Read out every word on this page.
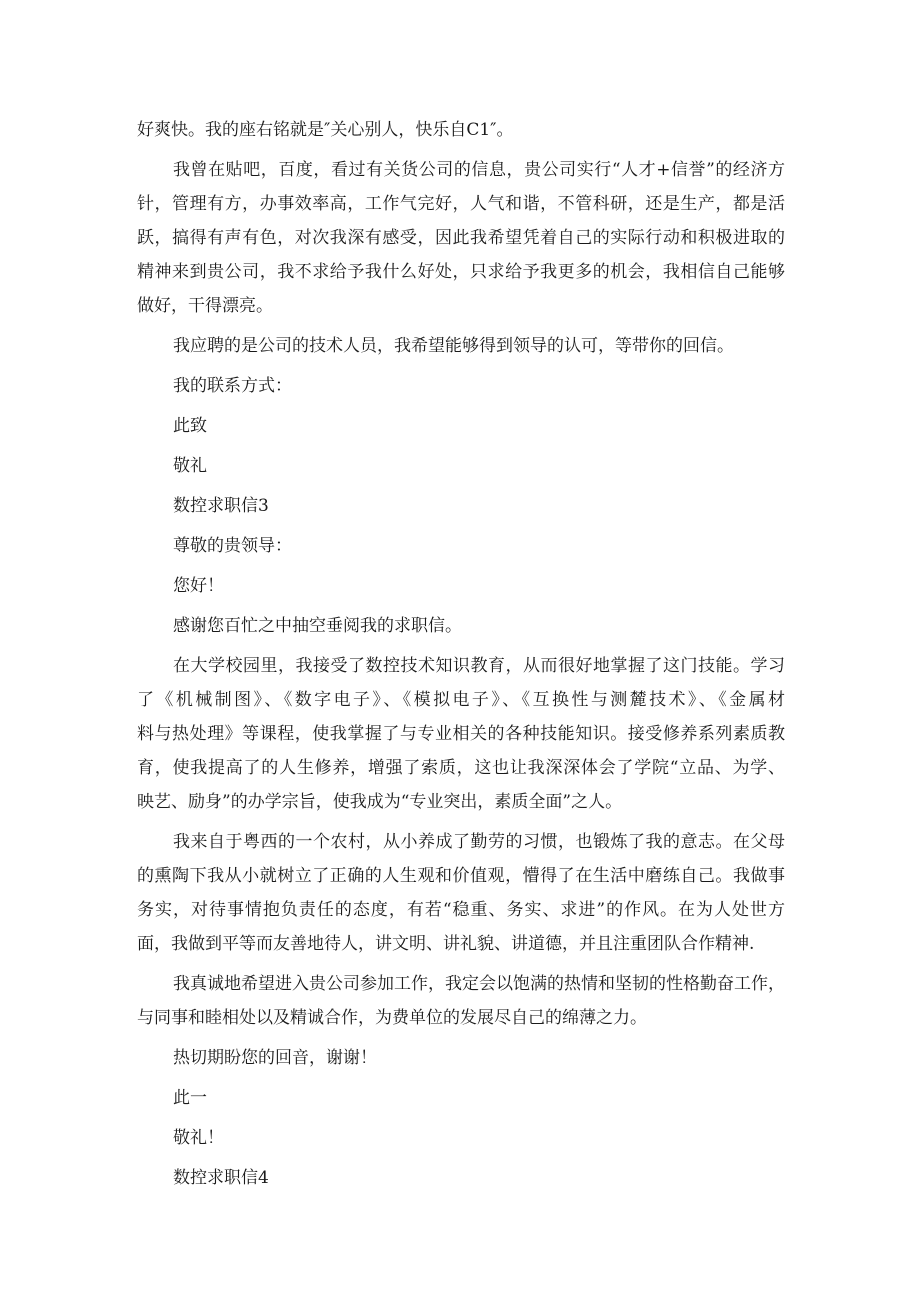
好爽快。我的座右铭就是″关心别人，快乐自C1″。
我曾在贴吧，百度，看过有关货公司的信息，贵公司实行“人才+信誉”的经济方
针，管理有方，办事效率高，工作气完好，人气和谐，不管科研，还是生产，都是活
跃，搞得有声有色，对次我深有感受，因此我希望凭着自己的实际行动和积极进取的
精神来到贵公司，我不求给予我什么好处，只求给予我更多的机会，我相信自己能够
做好，干得漂亮。
我应聘的是公司的技术人员，我希望能够得到领导的认可，等带你的回信。
我的联系方式：
此致
敬礼
数控求职信3
尊敬的贵领导：
您好！
感谢您百忙之中抽空垂阅我的求职信。
在大学校园里，我接受了数控技术知识教育，从而很好地掌握了这门技能。学习
了《机械制图》、《数字电子》、《模拟电子》、《互换性与测麓技术》、《金属材
料与热处理》等课程，使我掌握了与专业相关的各种技能知识。接受修养系列素质教
育，使我提高了的人生修养，增强了索质，这也让我深深体会了学院“立品、为学、
映艺、励身”的办学宗旨，使我成为“专业突出，素质全面”之人。
我来自于粤西的一个农村，从小养成了勤劳的习惯，也锻炼了我的意志。在父母
的熏陶下我从小就树立了正确的人生观和价值观，懵得了在生活中磨练自己。我做事
务实，对待事情抱负责任的态度，有若“稳重、务实、求进”的作风。在为人处世方
面，我做到平等而友善地待人，讲文明、讲礼貌、讲道德，并且注重团队合作精神.
我真诚地希望进入贵公司参加工作，我定会以饱满的热情和坚韧的性格勤奋工作，
与同事和睦相处以及精诚合作，为费单位的发展尽自己的绵薄之力。
热切期盼您的回音，谢谢！
此一
敬礼！
数控求职信4
